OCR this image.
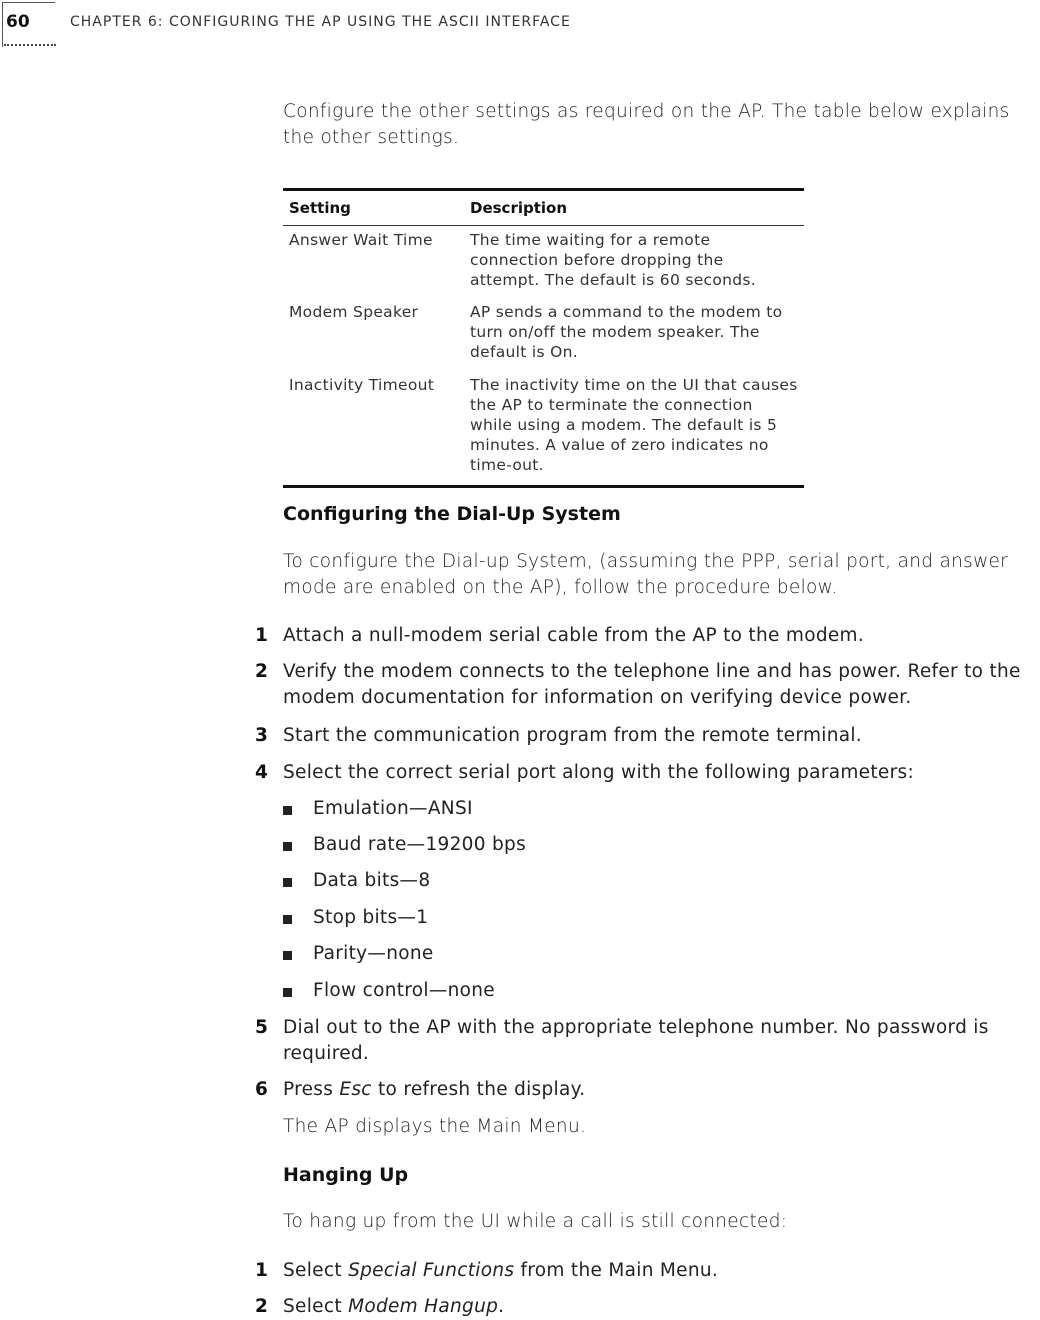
60	CHAPTER 6: CONFIGURING THE AP USING THE ASCII INTERFACE
Configure the other settings as required on the AP. The table below explains the other settings.
Setting	Description
Answer Wait Time	The time waiting for a remote connection before dropping the attempt. The default is 60 seconds.
Modem Speaker	AP sends a command to the modem to turn on/off the modem speaker. The default is On.
Inactivity Timeout	The inactivity time on the UI that causes the AP to terminate the connection while using a modem. The default is 5 minutes. A value of zero indicates no time-out.
Configuring the Dial-Up System
To configure the Dial-up System, (assuming the PPP, serial port, and answer mode are enabled on the AP), follow the procedure below.
1 Attach a null-modem serial cable from the AP to the modem.
2 Verify the modem connects to the telephone line and has power. Refer to the modem documentation for information on verifying device power.
3 Start the communication program from the remote terminal.
4 Select the correct serial port along with the following parameters:
Emulation—ANSI
Baud rate—19200 bps
Data bits—8
Stop bits—1
Parity—none
Flow control—none
5 Dial out to the AP with the appropriate telephone number. No password is required.
6 Press Esc to refresh the display.
The AP displays the Main Menu.
Hanging Up
To hang up from the UI while a call is still connected:
1 Select Special Functions from the Main Menu.
2 Select Modem Hangup.
